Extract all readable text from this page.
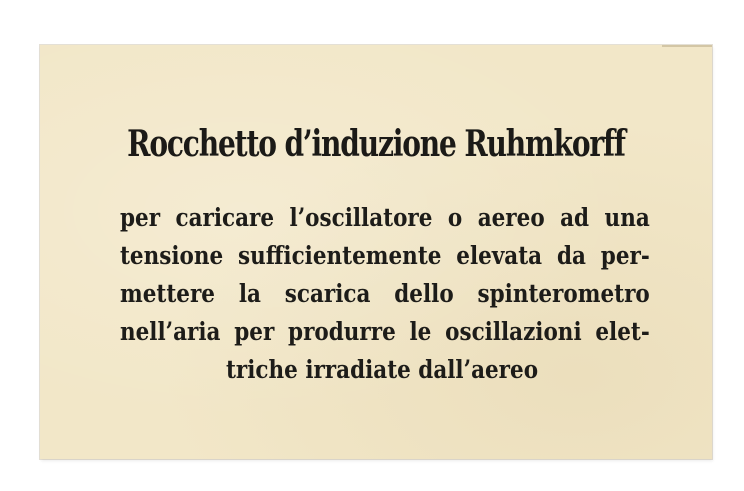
Rocchetto d’induzione Ruhmkorff
per caricare l’oscillatore o aereo ad una
tensione sufficientemente elevata da per-
mettere la scarica dello spinterometro
nell’aria per produrre le oscillazioni elet-
triche irradiate dall’aereo
